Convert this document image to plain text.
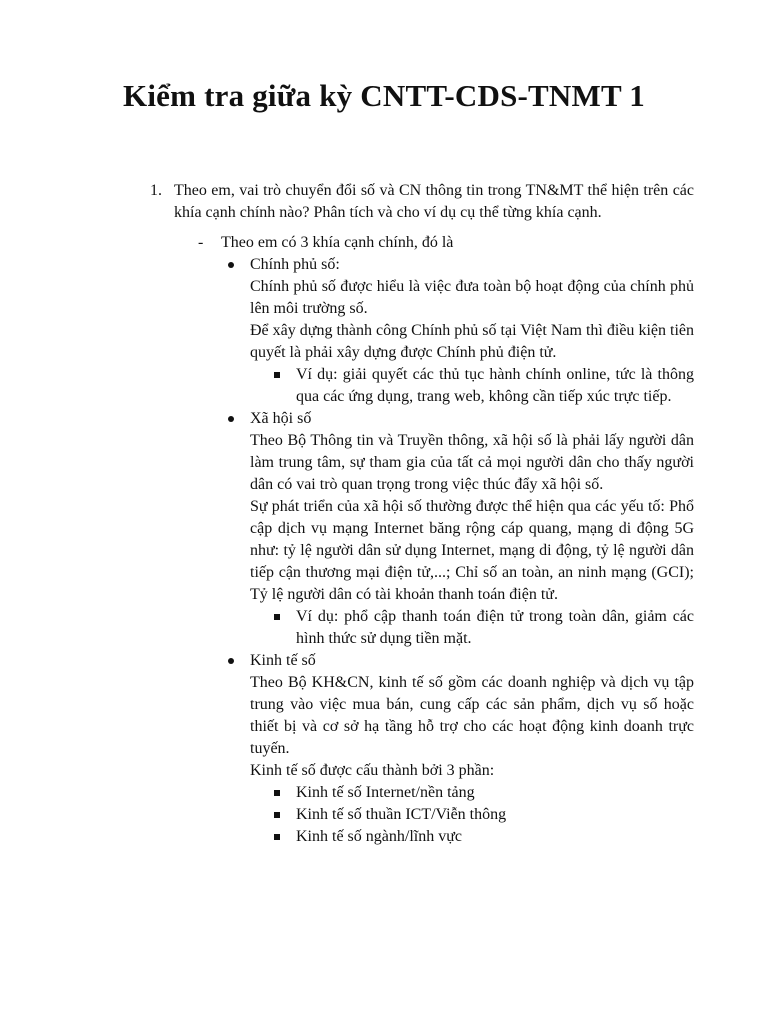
Kiểm tra giữa kỳ CNTT-CDS-TNMT 1
1. Theo em, vai trò chuyển đổi số và CN thông tin trong TN&MT thể hiện trên các khía cạnh chính nào? Phân tích và cho ví dụ cụ thể từng khía cạnh.
- Theo em có 3 khía cạnh chính, đó là
Chính phủ số:
Chính phủ số được hiểu là việc đưa toàn bộ hoạt động của chính phủ lên môi trường số.
Để xây dựng thành công Chính phủ số tại Việt Nam thì điều kiện tiên quyết là phải xây dựng được Chính phủ điện tử.
Ví dụ: giải quyết các thủ tục hành chính online, tức là thông qua các ứng dụng, trang web, không cần tiếp xúc trực tiếp.
Xã hội số
Theo Bộ Thông tin và Truyền thông, xã hội số là phải lấy người dân làm trung tâm, sự tham gia của tất cả mọi người dân cho thấy người dân có vai trò quan trọng trong việc thúc đẩy xã hội số.
Sự phát triển của xã hội số thường được thể hiện qua các yếu tố: Phổ cập dịch vụ mạng Internet băng rộng cáp quang, mạng di động 5G như: tỷ lệ người dân sử dụng Internet, mạng di động, tỷ lệ người dân tiếp cận thương mại điện tử,...; Chỉ số an toàn, an ninh mạng (GCI); Tỷ lệ người dân có tài khoản thanh toán điện tử.
Ví dụ: phổ cập thanh toán điện tử trong toàn dân, giảm các hình thức sử dụng tiền mặt.
Kinh tế số
Theo Bộ KH&CN, kinh tế số gồm các doanh nghiệp và dịch vụ tập trung vào việc mua bán, cung cấp các sản phẩm, dịch vụ số hoặc thiết bị và cơ sở hạ tầng hỗ trợ cho các hoạt động kinh doanh trực tuyến.
Kinh tế số được cấu thành bởi 3 phần:
Kinh tế số Internet/nền tảng
Kinh tế số thuần ICT/Viễn thông
Kinh tế số ngành/lĩnh vực
